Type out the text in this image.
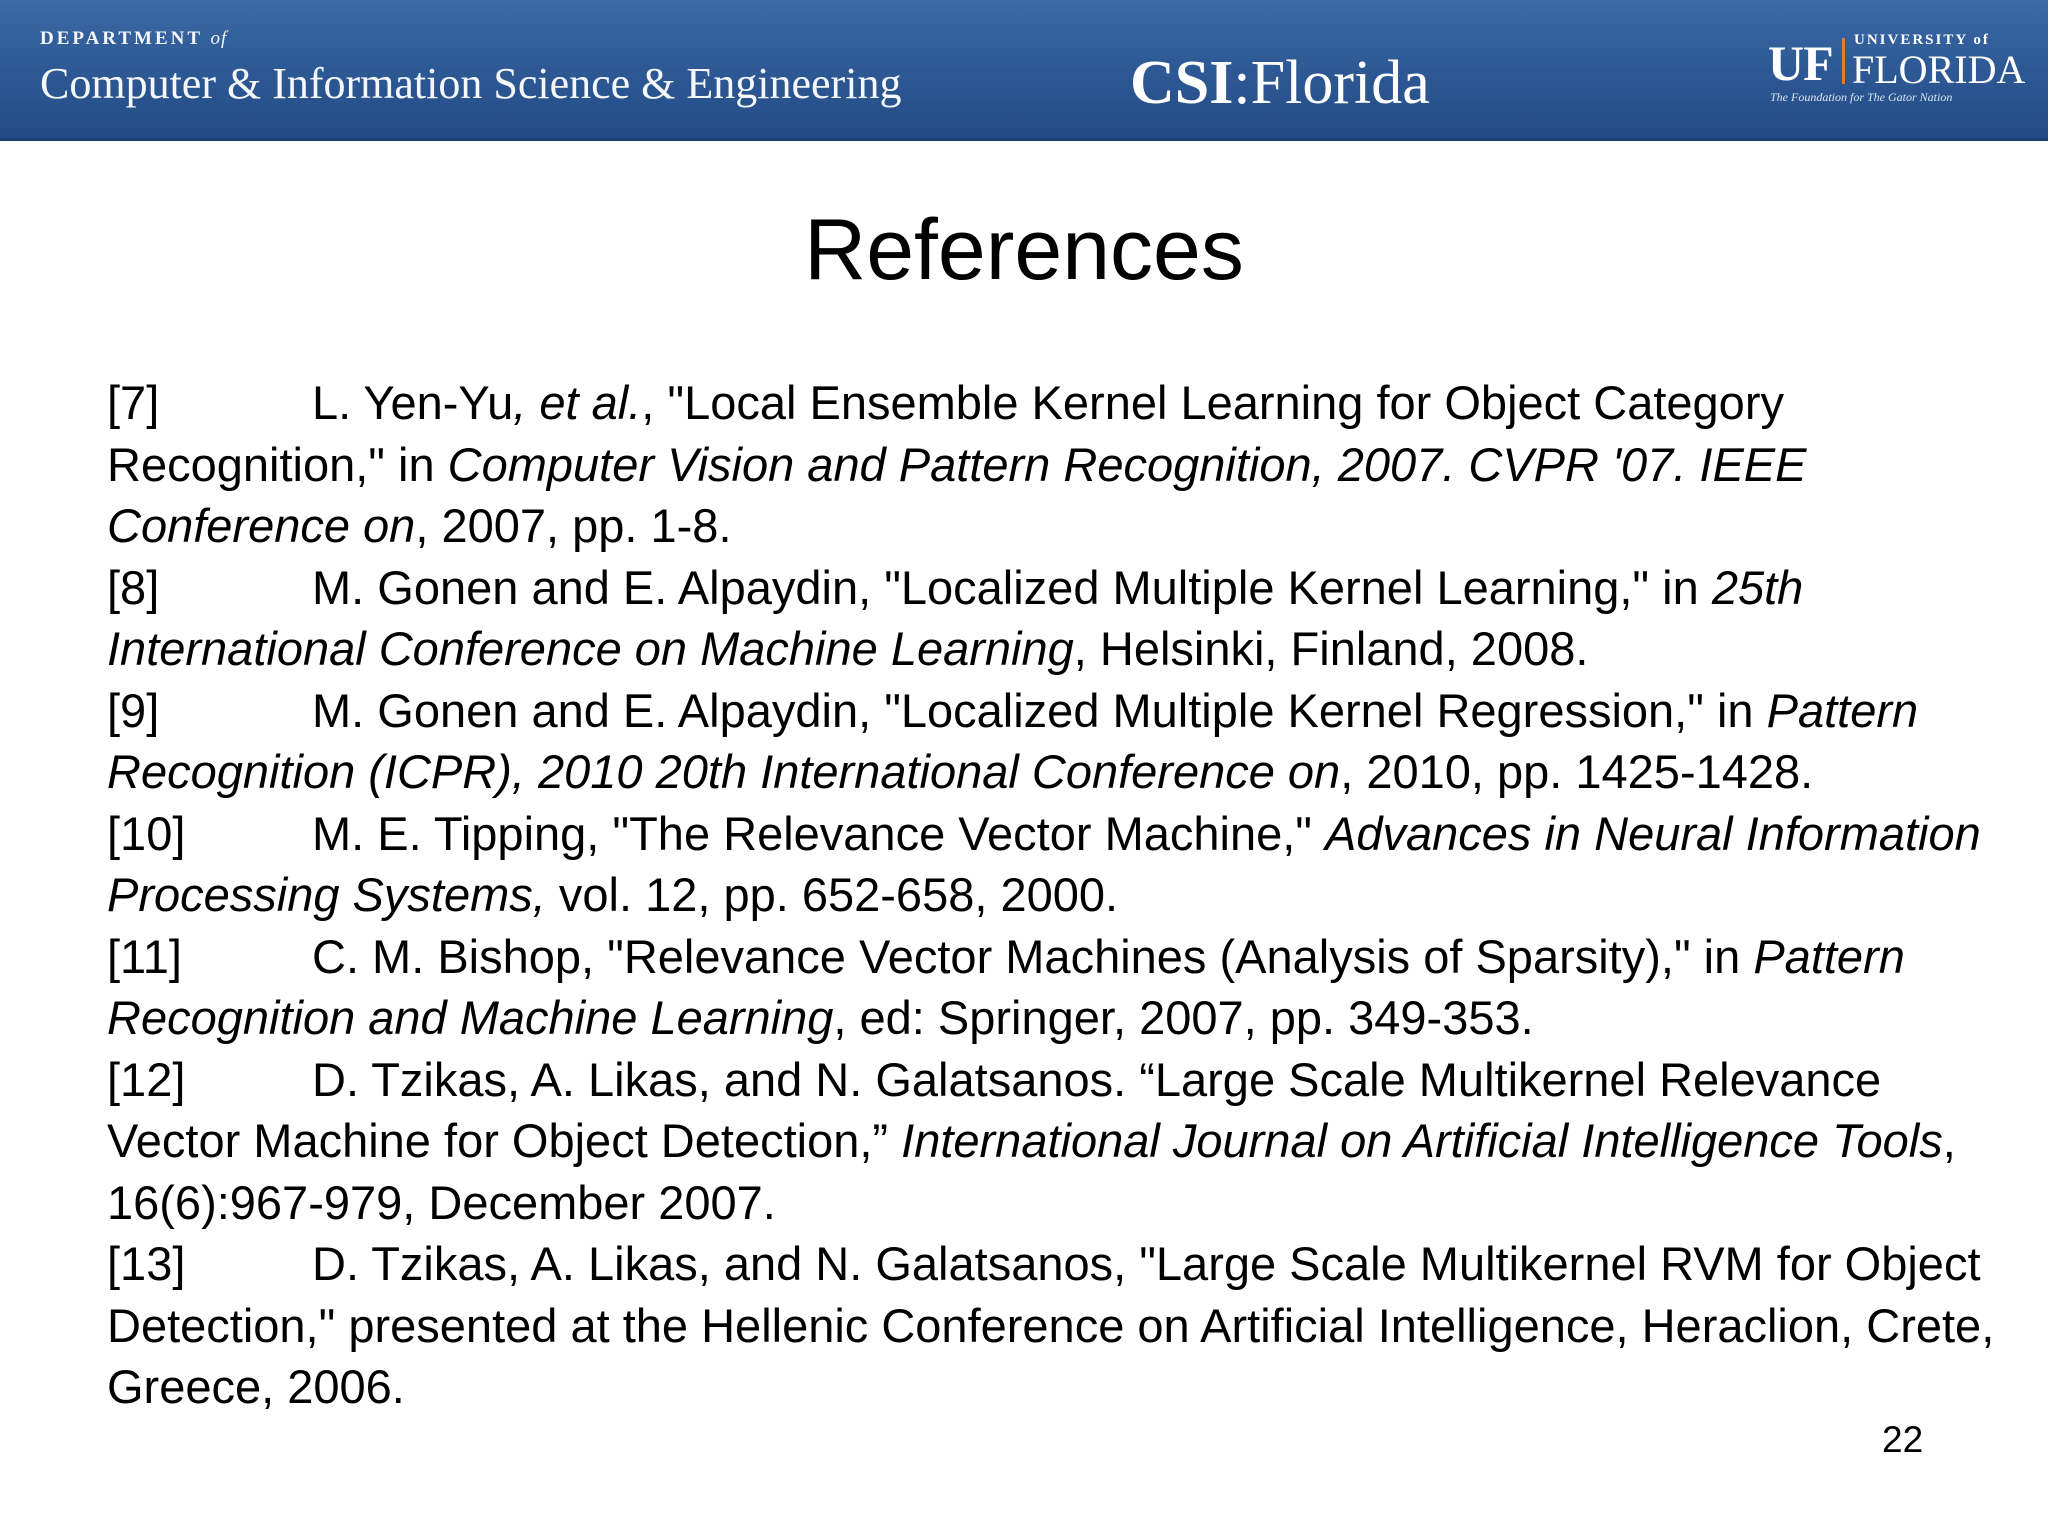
DEPARTMENT of
Computer & Information Science & Engineering	CSI:Florida	UF UNIVERSITY of
FLORIDA
The Foundation for The Gator Nation
References

[7]	L. Yen-Yu, et al., "Local Ensemble Kernel Learning for Object Category Recognition," in Computer Vision and Pattern Recognition, 2007. CVPR '07. IEEE Conference on, 2007, pp. 1-8.

[8]	M. Gonen and E. Alpaydin, "Localized Multiple Kernel Learning," in 25th International Conference on Machine Learning, Helsinki, Finland, 2008.

[9]	M. Gonen and E. Alpaydin, "Localized Multiple Kernel Regression," in Pattern Recognition (ICPR), 2010 20th International Conference on, 2010, pp. 1425-1428.

[10]	M. E. Tipping, "The Relevance Vector Machine," Advances in Neural Information Processing Systems, vol. 12, pp. 652-658, 2000.

[11]	C. M. Bishop, "Relevance Vector Machines (Analysis of Sparsity)," in Pattern Recognition and Machine Learning, ed: Springer, 2007, pp. 349-353.

[12]	D. Tzikas, A. Likas, and N. Galatsanos. “Large Scale Multikernel Relevance Vector Machine for Object Detection,” International Journal on Artificial Intelligence Tools, 16(6):967-979, December 2007.

[13]	D. Tzikas, A. Likas, and N. Galatsanos, "Large Scale Multikernel RVM for Object Detection," presented at the Hellenic Conference on Artificial Intelligence, Heraclion, Crete, Greece, 2006.

22
